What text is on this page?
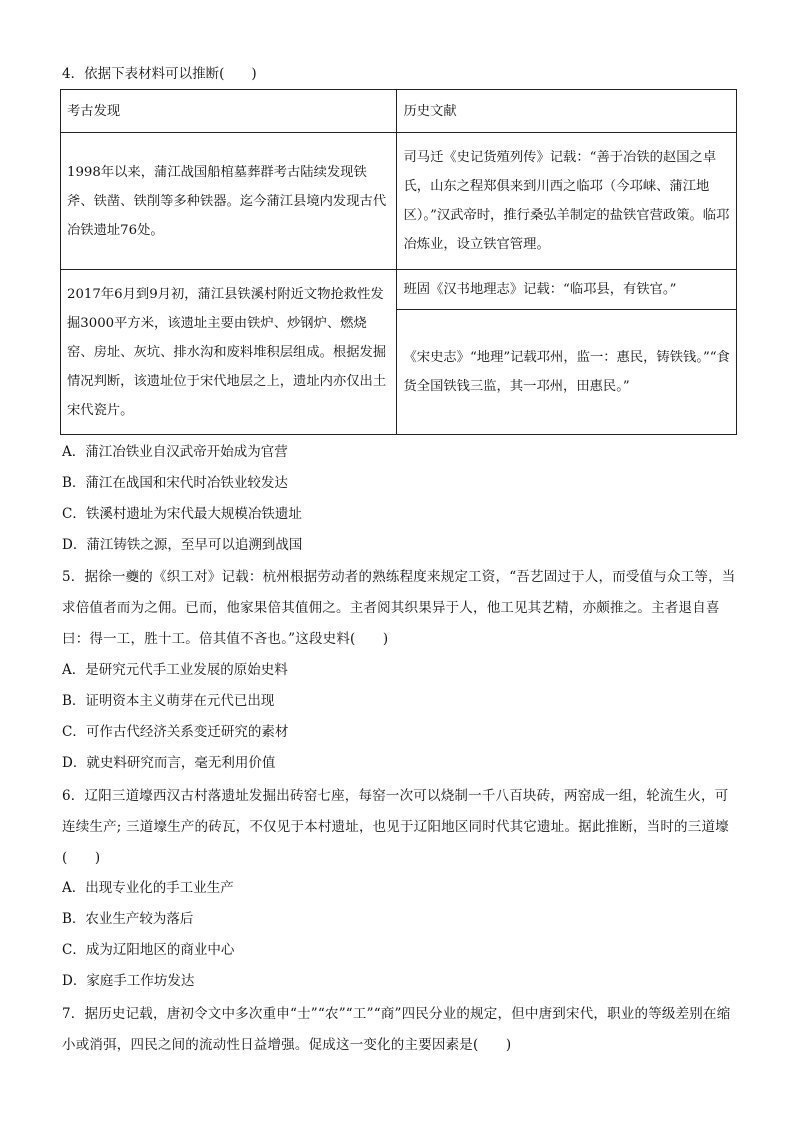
4．依据下表材料可以推断(　　)
考古发现	历史文献
1998年以来，蒲江战国船棺墓葬群考古陆续发现铁斧、铁凿、铁削等多种铁器。迄今蒲江县境内发现古代冶铁遗址76处。	司马迁《史记货殖列传》记载：“善于冶铁的赵国之卓氏，山东之程郑俱来到川西之临邛（今邛崃、蒲江地区）。”汉武帝时，推行桑弘羊制定的盐铁官营政策。临邛冶炼业，设立铁官管理。
2017年6月到9月初，蒲江县铁溪村附近文物抢救性发掘3000平方米，该遗址主要由铁炉、炒钢炉、燃烧窑、房址、灰坑、排水沟和废料堆积层组成。根据发掘情况判断，该遗址位于宋代地层之上，遗址内亦仅出土宋代瓷片。	班固《汉书地理志》记载：“临邛县，有铁官。”
	《宋史志》“地理”记载邛州，监一：惠民，铸铁钱。”“食货全国铁钱三监，其一邛州，田惠民。”
A．蒲江冶铁业自汉武帝开始成为官营
B．蒲江在战国和宋代时冶铁业较发达
C．铁溪村遗址为宋代最大规模冶铁遗址
D．蒲江铸铁之源，至早可以追溯到战国
5．据徐一夔的《织工对》记载：杭州根据劳动者的熟练程度来规定工资，“吾艺固过于人，而受值与众工等，当求倍值者而为之佣。已而，他家果倍其值佣之。主者阅其织果异于人，他工见其艺精，亦颇推之。主者退自喜曰：得一工，胜十工。倍其值不吝也。”这段史料(　　)
A．是研究元代手工业发展的原始史料
B．证明资本主义萌芽在元代已出现
C．可作古代经济关系变迁研究的素材
D．就史料研究而言，毫无利用价值
6．辽阳三道壕西汉古村落遗址发掘出砖窑七座，每窑一次可以烧制一千八百块砖，两窑成一组，轮流生火，可连续生产; 三道壕生产的砖瓦，不仅见于本村遗址，也见于辽阳地区同时代其它遗址。据此推断，当时的三道壕(　　)
A．出现专业化的手工业生产
B．农业生产较为落后
C．成为辽阳地区的商业中心
D．家庭手工作坊发达
7．据历史记载，唐初令文中多次重申“士”“农”“工”“商”四民分业的规定，但中唐到宋代，职业的等级差别在缩小或消弭，四民之间的流动性日益增强。促成这一变化的主要因素是(　　)
